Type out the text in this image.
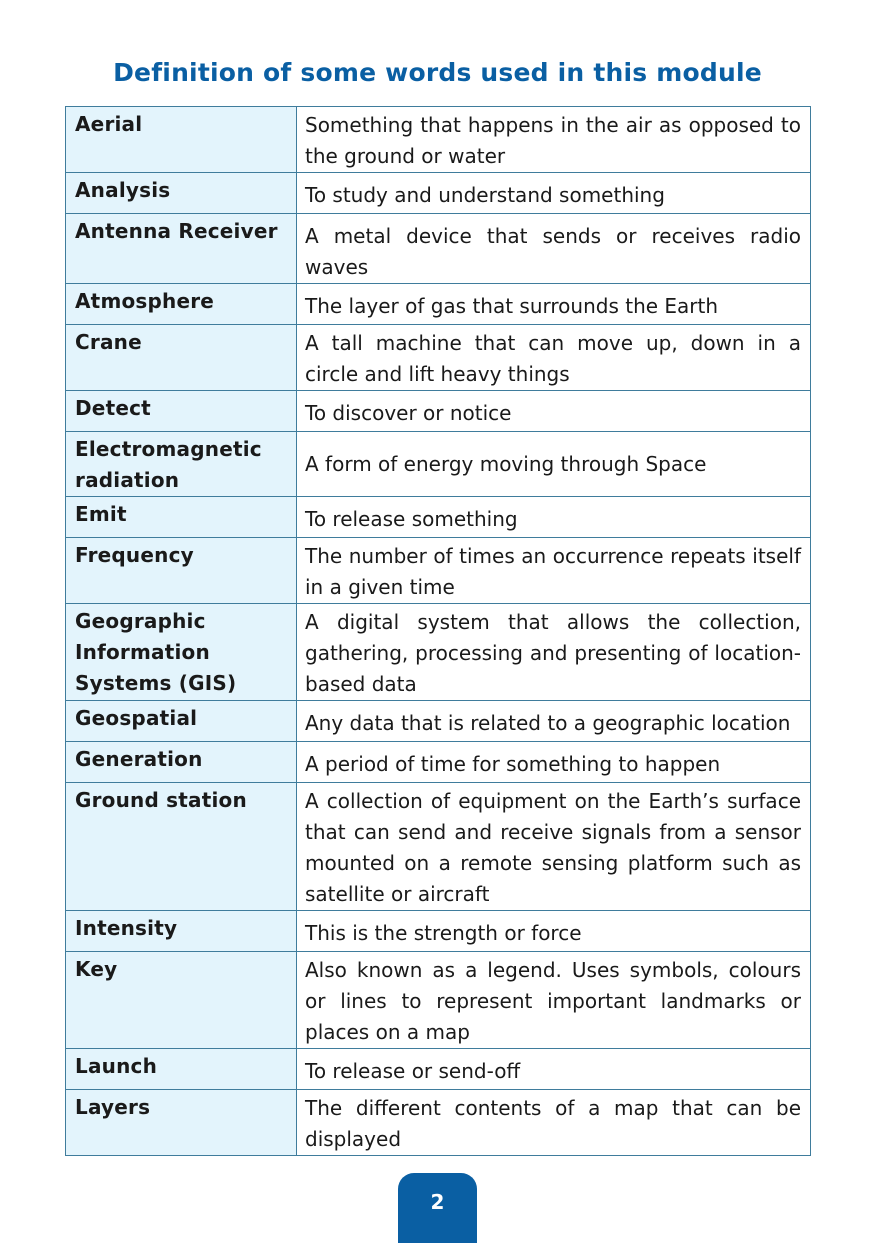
Definition of some words used in this module
Aerial	Something that happens in the air as opposed to the ground or water
Analysis	To study and understand something
Antenna Receiver	A metal device that sends or receives radio waves
Atmosphere	The layer of gas that surrounds the Earth
Crane	A tall machine that can move up, down in a circle and lift heavy things
Detect	To discover or notice
Electromagnetic radiation	A form of energy moving through Space
Emit	To release something
Frequency	The number of times an occurrence repeats itself in a given time
Geographic Information Systems (GIS)	A digital system that allows the collection, gathering, processing and presenting of location-based data
Geospatial	Any data that is related to a geographic location
Generation	A period of time for something to happen
Ground station	A collection of equipment on the Earth’s surface that can send and receive signals from a sensor mounted on a remote sensing platform such as satellite or aircraft
Intensity	This is the strength or force
Key	Also known as a legend. Uses symbols, colours or lines to represent important landmarks or places on a map
Launch	To release or send-off
Layers	The different contents of a map that can be displayed
2
